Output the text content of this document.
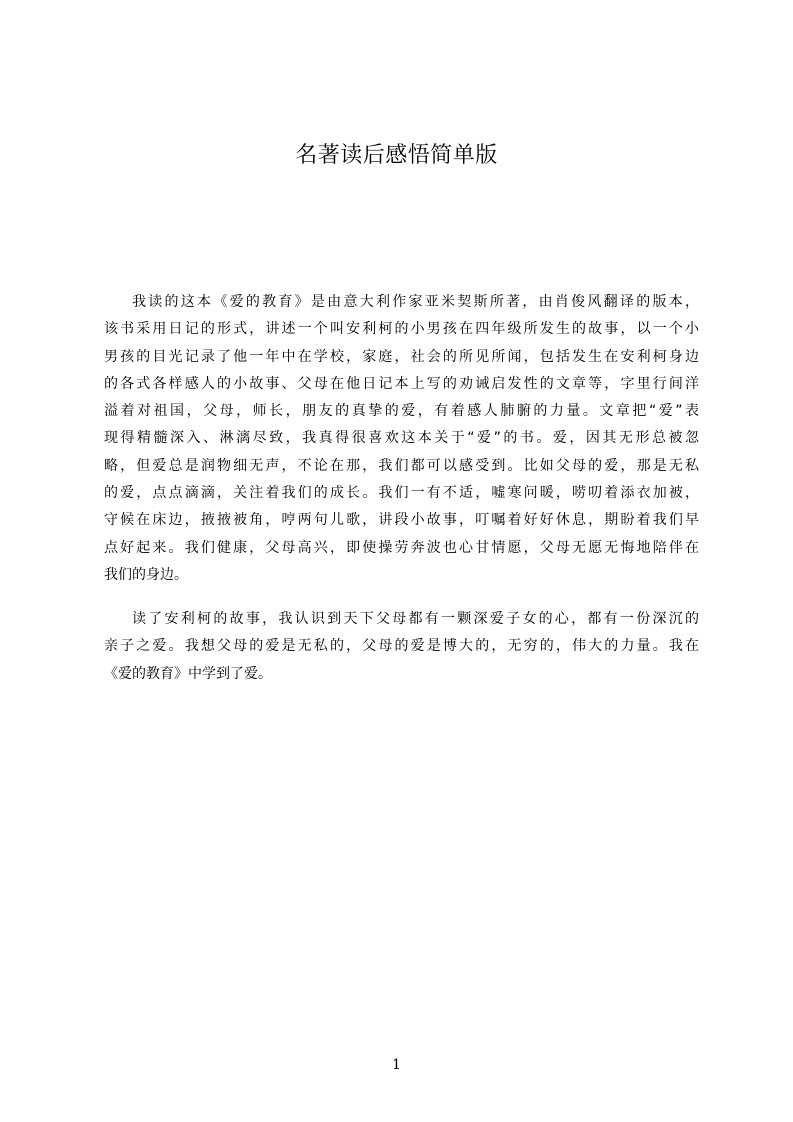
名著读后感悟简单版
我读的这本《爱的教育》是由意大利作家亚米契斯所著，由肖俊风翻译的版本，
该书采用日记的形式，讲述一个叫安利柯的小男孩在四年级所发生的故事，以一个小
男孩的目光记录了他一年中在学校，家庭，社会的所见所闻，包括发生在安利柯身边
的各式各样感人的小故事、父母在他日记本上写的劝诫启发性的文章等，字里行间洋
溢着对祖国，父母，师长，朋友的真挚的爱，有着感人肺腑的力量。文章把“爱”表
现得精髓深入、淋漓尽致，我真得很喜欢这本关于“爱”的书。爱，因其无形总被忽
略，但爱总是润物细无声，不论在那，我们都可以感受到。比如父母的爱，那是无私
的爱，点点滴滴，关注着我们的成长。我们一有不适，嘘寒问暖，唠叨着添衣加被，
守候在床边，掖掖被角，哼两句儿歌，讲段小故事，叮嘱着好好休息，期盼着我们早
点好起来。我们健康，父母高兴，即使操劳奔波也心甘情愿，父母无愿无悔地陪伴在
我们的身边。
读了安利柯的故事，我认识到天下父母都有一颗深爱子女的心，都有一份深沉的
亲子之爱。我想父母的爱是无私的，父母的爱是博大的，无穷的，伟大的力量。我在
《爱的教育》中学到了爱。
1
